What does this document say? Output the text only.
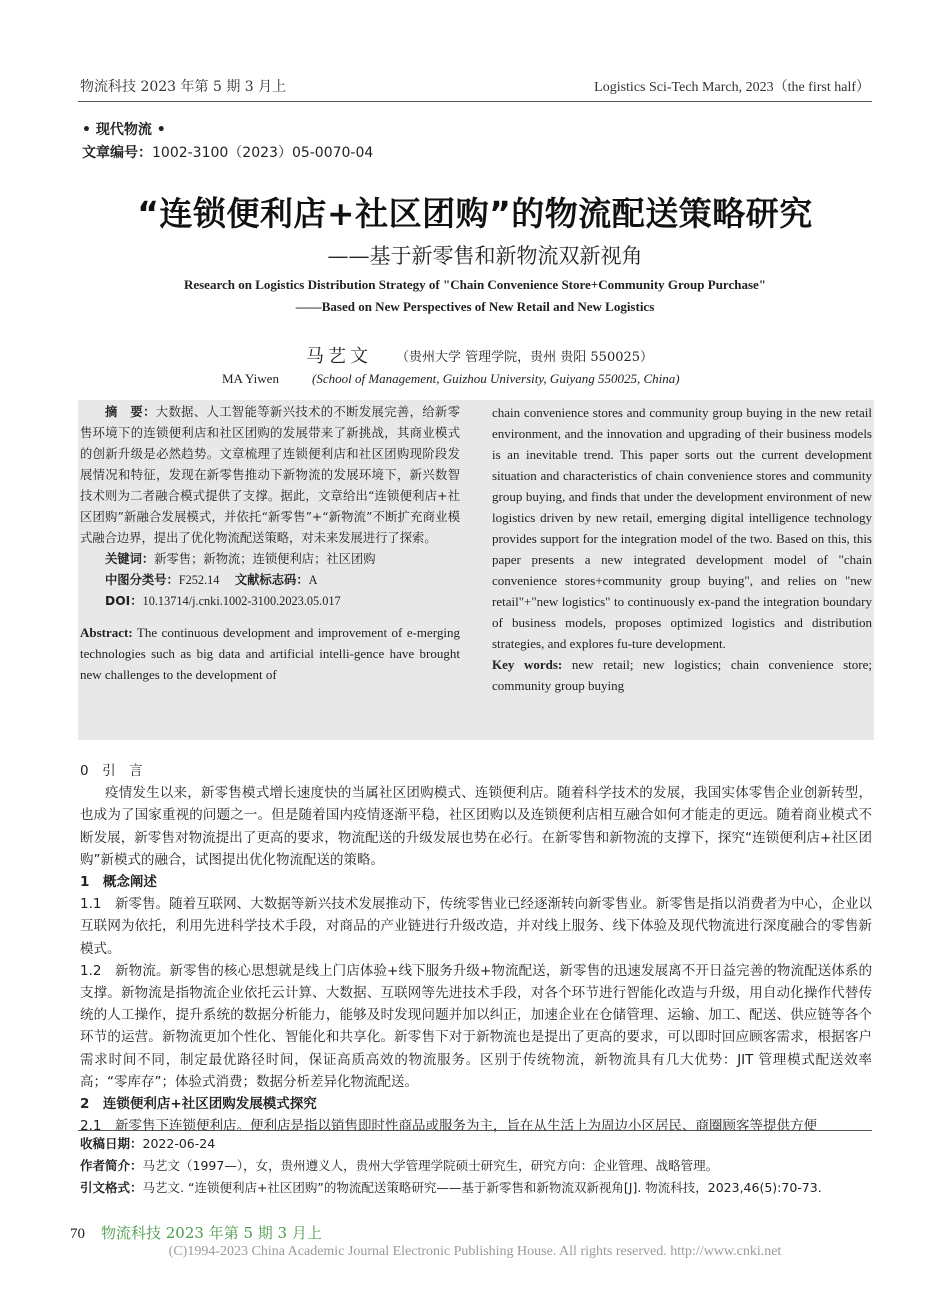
物流科技 2023 年第 5 期 3 月上	Logistics Sci-Tech March, 2023（the first half）
• 现代物流 •
文章编号：1002-3100（2023）05-0070-04
“连锁便利店+社区团购”的物流配送策略研究
——基于新零售和新物流双新视角
Research on Logistics Distribution Strategy of "Chain Convenience Store+Community Group Purchase"
——Based on New Perspectives of New Retail and New Logistics
马艺文 （贵州大学 管理学院，贵州 贵阳 550025）
MA Yiwen	(School of Management, Guizhou University, Guiyang 550025, China)
摘　要：大数据、人工智能等新兴技术的不断发展完善，给新零售环境下的连锁便利店和社区团购的发展带来了新挑战，其商业模式的创新升级是必然趋势。文章梳理了连锁便利店和社区团购现阶段发展情况和特征，发现在新零售推动下新物流的发展环境下，新兴数智技术则为二者融合模式提供了支撑。据此，文章给出“连锁便利店+社区团购”新融合发展模式，并依托“新零售”+“新物流”不断扩充商业模式融合边界，提出了优化物流配送策略，对未来发展进行了探索。
关键词：新零售；新物流；连锁便利店；社区团购
中图分类号：F252.14 文献标志码：A
DOI：10.13714/j.cnki.1002-3100.2023.05.017
Abstract: The continuous development and improvement of e-merging technologies such as big data and artificial intelli-gence have brought new challenges to the development of
chain convenience stores and community group buying in the new retail environment, and the innovation and upgrading of their business models is an inevitable trend. This paper sorts out the current development situation and characteristics of chain convenience stores and community group buying, and finds that under the development environment of new logistics driven by new retail, emerging digital intelligence technology provides support for the integration model of the two. Based on this, this paper presents a new integrated development model of "chain convenience stores+community group buying", and relies on "new retail"+"new logistics" to continuously ex-pand the integration boundary of business models, proposes optimized logistics and distribution strategies, and explores fu-ture development.
Key words: new retail; new logistics; chain convenience store; community group buying

0　引　言

疫情发生以来，新零售模式增长速度快的当属社区团购模式、连锁便利店。随着科学技术的发展，我国实体零售企业创新转型，也成为了国家重视的问题之一。但是随着国内疫情逐渐平稳，社区团购以及连锁便利店相互融合如何才能走的更远。随着商业模式不断发展，新零售对物流提出了更高的要求，物流配送的升级发展也势在必行。在新零售和新物流的支撑下，探究“连锁便利店+社区团购”新模式的融合，试图提出优化物流配送的策略。

1　概念阐述

1.1　新零售。随着互联网、大数据等新兴技术发展推动下，传统零售业已经逐渐转向新零售业。新零售是指以消费者为中心，企业以互联网为依托，利用先进科学技术手段，对商品的产业链进行升级改造，并对线上服务、线下体验及现代物流进行深度融合的零售新模式。

1.2　新物流。新零售的核心思想就是线上门店体验+线下服务升级+物流配送，新零售的迅速发展离不开日益完善的物流配送体系的支撑。新物流是指物流企业依托云计算、大数据、互联网等先进技术手段，对各个环节进行智能化改造与升级，用自动化操作代替传统的人工操作，提升系统的数据分析能力，能够及时发现问题并加以纠正，加速企业在仓储管理、运输、加工、配送、供应链等各个环节的运营。新物流更加个性化、智能化和共享化。新零售下对于新物流也是提出了更高的要求，可以即时回应顾客需求，根据客户需求时间不同，制定最优路径时间，保证高质高效的物流服务。区别于传统物流，新物流具有几大优势：JIT 管理模式配送效率高；“零库存”；体验式消费；数据分析差异化物流配送。

2　连锁便利店+社区团购发展模式探究

2.1　新零售下连锁便利店。便利店是指以销售即时性商品或服务为主，旨在从生活上为周边小区居民、商圈顾客等提供方便

收稿日期：2022-06-24

作者简介：马艺文（1997—），女，贵州遵义人，贵州大学管理学院硕士研究生，研究方向：企业管理、战略管理。

引文格式：马艺文. “连锁便利店+社区团购”的物流配送策略研究——基于新零售和新物流双新视角[J]. 物流科技，2023,46(5):70-73.

70 物流科技 2023 年第 5 期 3 月上
(C)1994-2023 China Academic Journal Electronic Publishing House. All rights reserved. http://www.cnki.net
